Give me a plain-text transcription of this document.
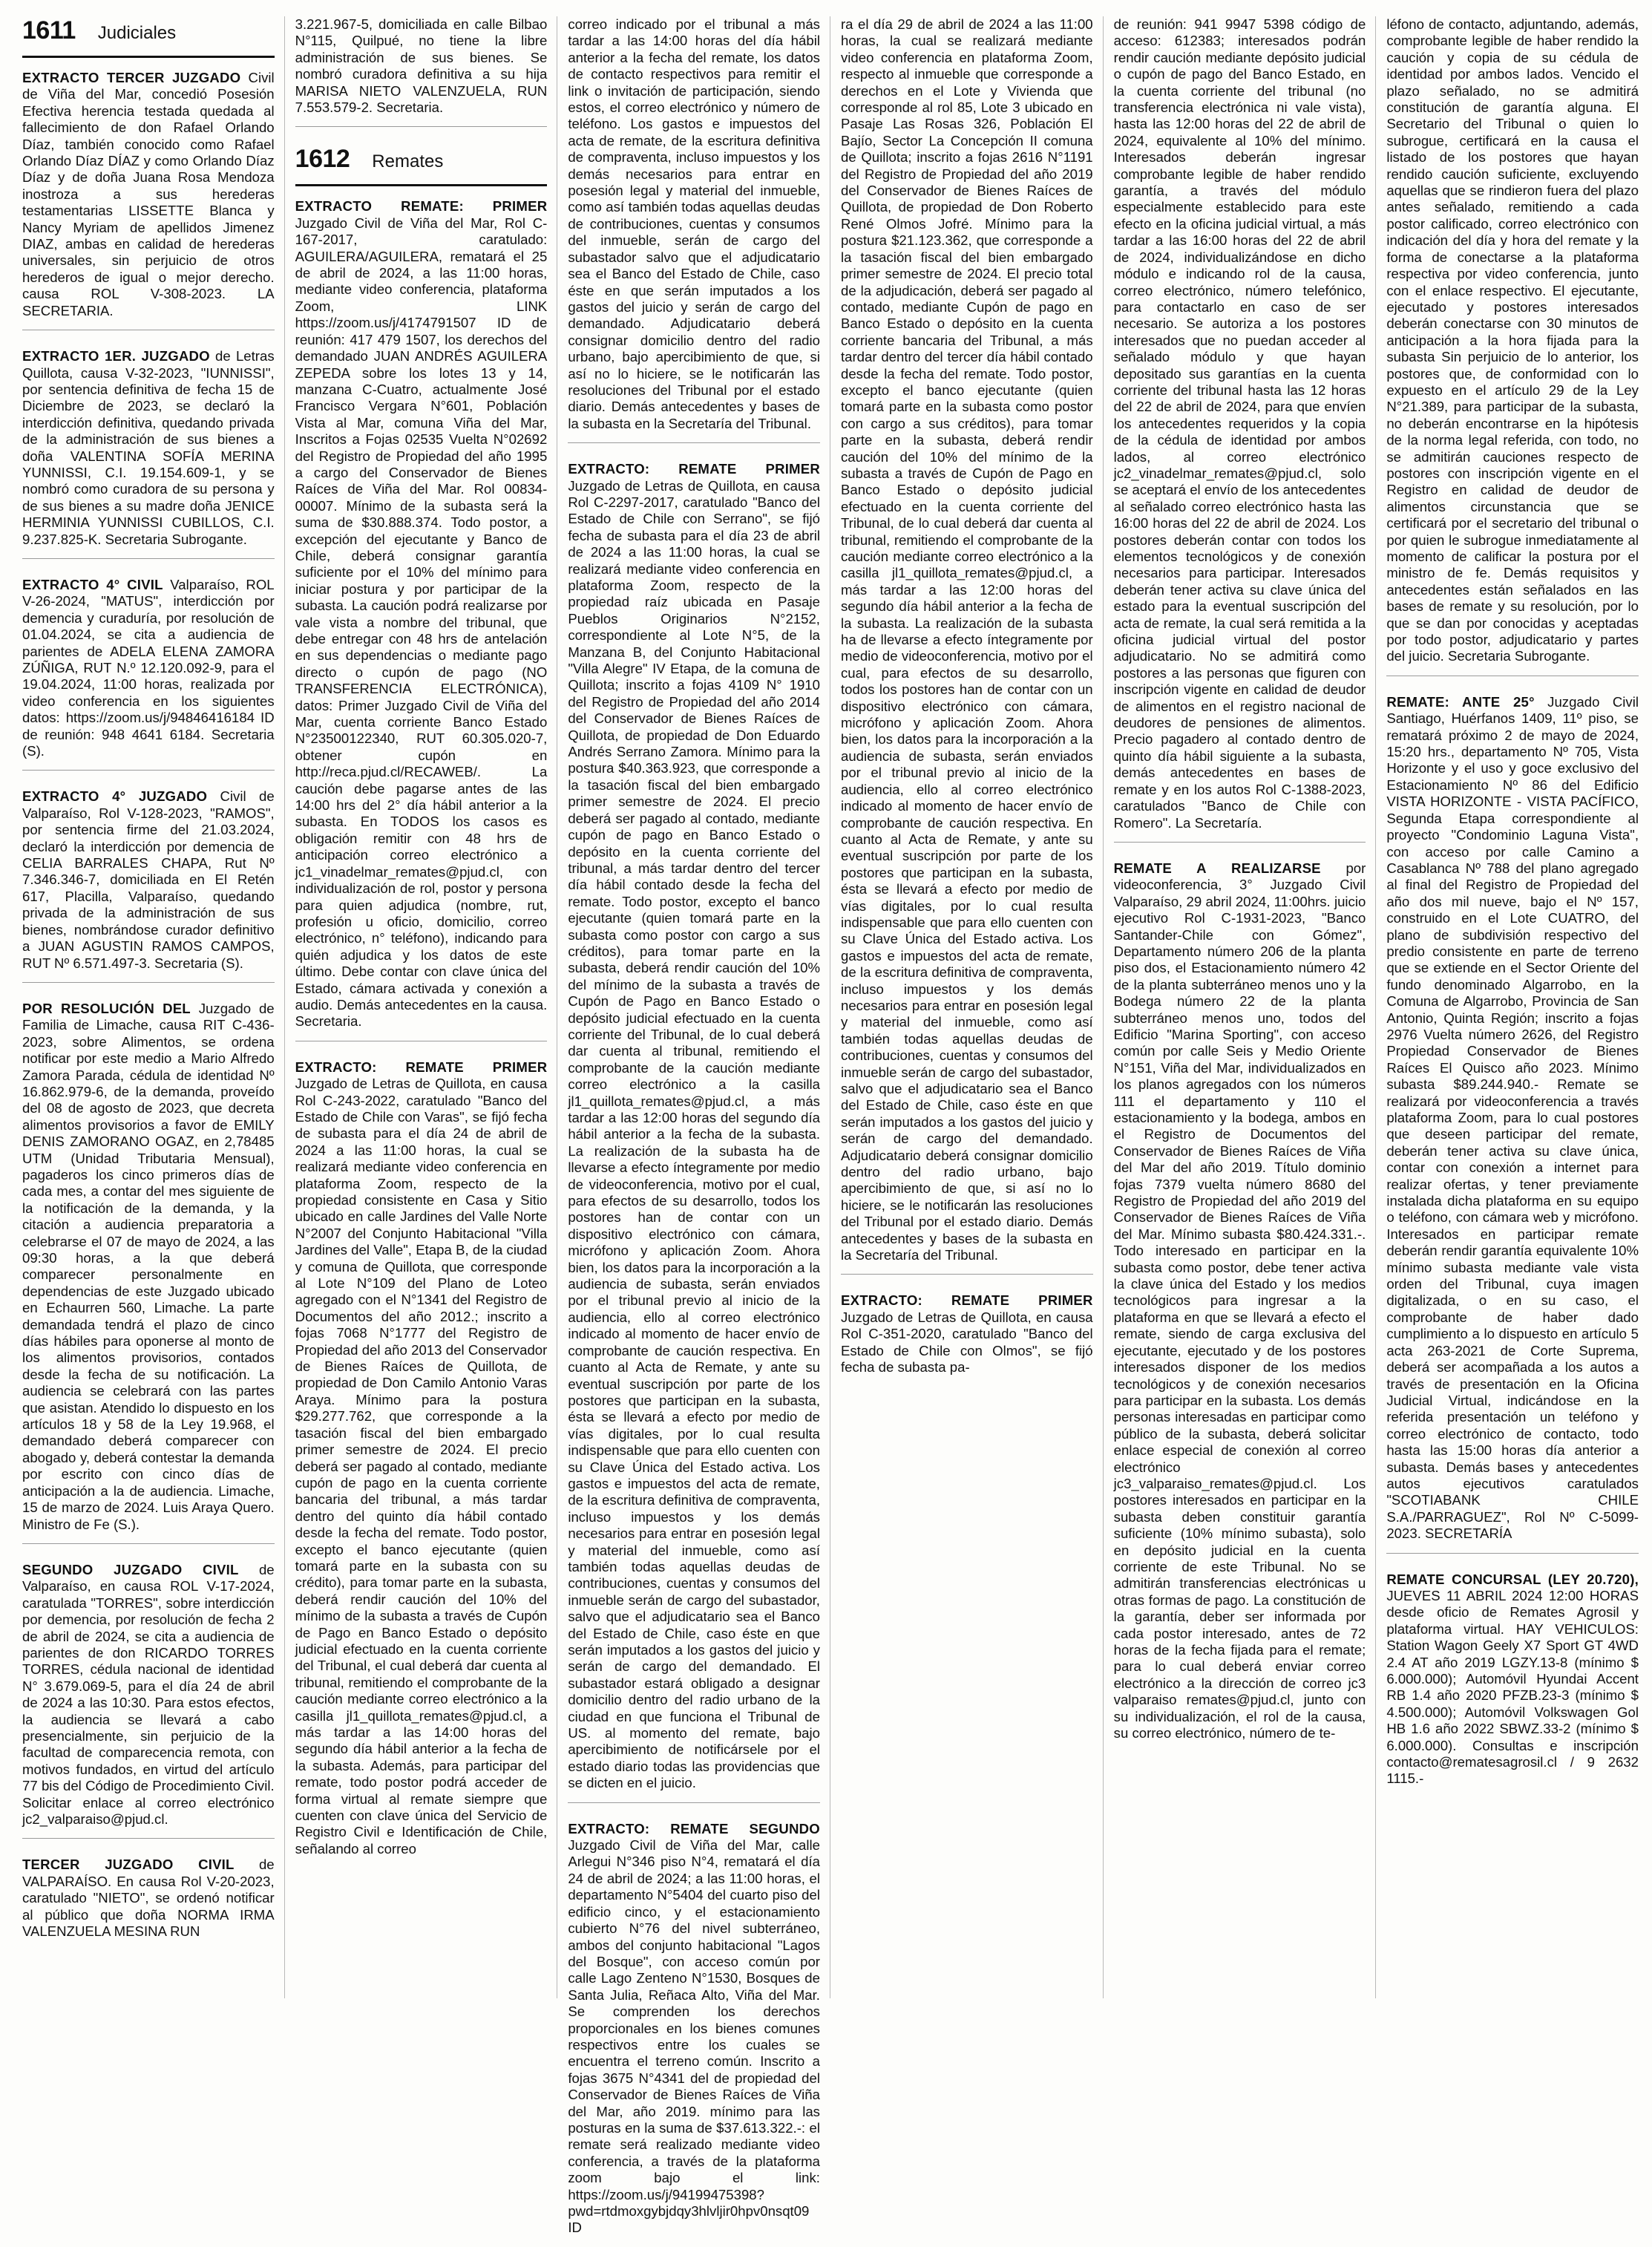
1611 Judiciales
EXTRACTO TERCER JUZGADO Civil de Viña del Mar, concedió Posesión Efectiva herencia testada quedada al fallecimiento de don Rafael Orlando Díaz, también conocido como Rafael Orlando Díaz DÍAZ y como Orlando Díaz Díaz y de doña Juana Rosa Mendoza inostroza a sus herederas testamentarias LISSETTE Blanca y Nancy Myriam de apellidos Jimenez DIAZ, ambas en calidad de herederas universales, sin perjuicio de otros herederos de igual o mejor derecho. causa ROL V-308-2023. LA SECRETARIA.
EXTRACTO 1ER. JUZGADO de Letras Quillota, causa V-32-2023, "IUNNISSI", por sentencia definitiva de fecha 15 de Diciembre de 2023, se declaró la interdicción definitiva, quedando privada de la administración de sus bienes a doña VALENTINA SOFÍA MERINA YUNNISSI, C.I. 19.154.609-1, y se nombró como curadora de su persona y de sus bienes a su madre doña JENICE HERMINIA YUNNISSI CUBILLOS, C.I. 9.237.825-K. Secretaria Subrogante.
EXTRACTO 4° CIVIL Valparaíso, ROL V-26-2024, "MATUS", interdicción por demencia y curaduría, por resolución de 01.04.2024, se cita a audiencia de parientes de ADELA ELENA ZAMORA ZÚÑIGA, RUT N.º 12.120.092-9, para el 19.04.2024, 11:00 horas, realizada por video conferencia en los siguientes datos: https://zoom.us/j/94846416184 ID de reunión: 948 4641 6184. Secretaria (S).
EXTRACTO 4° JUZGADO Civil de Valparaíso, Rol V-128-2023, "RAMOS", por sentencia firme del 21.03.2024, declaró la interdicción por demencia de CELIA BARRALES CHAPA, Rut Nº 7.346.346-7, domiciliada en El Retén 617, Placilla, Valparaíso, quedando privada de la administración de sus bienes, nombrándose curador definitivo a JUAN AGUSTIN RAMOS CAMPOS, RUT Nº 6.571.497-3. Secretaria (S).
POR RESOLUCIÓN DEL Juzgado de Familia de Limache, causa RIT C-436-2023, sobre Alimentos, se ordena notificar por este medio a Mario Alfredo Zamora Parada, cédula de identidad Nº 16.862.979-6, de la demanda, proveído del 08 de agosto de 2023, que decreta alimentos provisorios a favor de EMILY DENIS ZAMORANO OGAZ, en 2,78485 UTM (Unidad Tributaria Mensual), pagaderos los cinco primeros días de cada mes, a contar del mes siguiente de la notificación de la demanda, y la citación a audiencia preparatoria a celebrarse el 07 de mayo de 2024, a las 09:30 horas, a la que deberá comparecer personalmente en dependencias de este Juzgado ubicado en Echaurren 560, Limache. La parte demandada tendrá el plazo de cinco días hábiles para oponerse al monto de los alimentos provisorios, contados desde la fecha de su notificación. La audiencia se celebrará con las partes que asistan. Atendido lo dispuesto en los artículos 18 y 58 de la Ley 19.968, el demandado deberá comparecer con abogado y, deberá contestar la demanda por escrito con cinco días de anticipación a la de audiencia. Limache, 15 de marzo de 2024. Luis Araya Quero. Ministro de Fe (S.).
SEGUNDO JUZGADO CIVIL de Valparaíso, en causa ROL V-17-2024, caratulada "TORRES", sobre interdicción por demencia, por resolución de fecha 2 de abril de 2024, se cita a audiencia de parientes de don RICARDO TORRES TORRES, cédula nacional de identidad N° 3.679.069-5, para el día 24 de abril de 2024 a las 10:30. Para estos efectos, la audiencia se llevará a cabo presencialmente, sin perjuicio de la facultad de comparecencia remota, con motivos fundados, en virtud del artículo 77 bis del Código de Procedimiento Civil. Solicitar enlace al correo electrónico jc2_valparaiso@pjud.cl.
TERCER JUZGADO CIVIL de VALPARAÍSO. En causa Rol V-20-2023, caratulado "NIETO", se ordenó notificar al público que doña NORMA IRMA VALENZUELA MESINA RUN
3.221.967-5, domiciliada en calle Bilbao N°115, Quilpué, no tiene la libre administración de sus bienes. Se nombró curadora definitiva a su hija MARISA NIETO VALENZUELA, RUN 7.553.579-2. Secretaria.
1612 Remates
EXTRACTO REMATE: PRIMER Juzgado Civil de Viña del Mar, Rol C-167-2017, caratulado: AGUILERA/AGUILERA, rematará el 25 de abril de 2024, a las 11:00 horas, mediante video conferencia, plataforma Zoom, LINK https://zoom.us/j/4174791507 ID de reunión: 417 479 1507, los derechos del demandado JUAN ANDRÉS AGUILERA ZEPEDA sobre los lotes 13 y 14, manzana C-Cuatro, actualmente José Francisco Vergara N°601, Población Vista al Mar, comuna Viña del Mar, Inscritos a Fojas 02535 Vuelta N°02692 del Registro de Propiedad del año 1995 a cargo del Conservador de Bienes Raíces de Viña del Mar. Rol 00834-00007. Mínimo de la subasta será la suma de $30.888.374. Todo postor, a excepción del ejecutante y Banco de Chile, deberá consignar garantía suficiente por el 10% del mínimo para iniciar postura y por participar de la subasta. La caución podrá realizarse por vale vista a nombre del tribunal, que debe entregar con 48 hrs de antelación en sus dependencias o mediante pago directo o cupón de pago (NO TRANSFERENCIA ELECTRÓNICA), datos: Primer Juzgado Civil de Viña del Mar, cuenta corriente Banco Estado N°23500122340, RUT 60.305.020-7, obtener cupón en http://reca.pjud.cl/RECAWEB/. La caución debe pagarse antes de las 14:00 hrs del 2° día hábil anterior a la subasta. En TODOS los casos es obligación remitir con 48 hrs de anticipación correo electrónico a jc1_vinadelmar_remates@pjud.cl, con individualización de rol, postor y persona para quien adjudica (nombre, rut, profesión u oficio, domicilio, correo electrónico, n° teléfono), indicando para quién adjudica y los datos de este último. Debe contar con clave única del Estado, cámara activada y conexión a audio. Demás antecedentes en la causa. Secretaria.
EXTRACTO: REMATE PRIMER Juzgado de Letras de Quillota, en causa Rol C-243-2022, caratulado "Banco del Estado de Chile con Varas", se fijó fecha de subasta para el día 24 de abril de 2024 a las 11:00 horas, la cual se realizará mediante video conferencia en plataforma Zoom, respecto de la propiedad consistente en Casa y Sitio ubicado en calle Jardines del Valle Norte N°2007 del Conjunto Habitacional "Villa Jardines del Valle", Etapa B, de la ciudad y comuna de Quillota, que corresponde al Lote N°109 del Plano de Loteo agregado con el N°1341 del Registro de Documentos del año 2012.; inscrito a fojas 7068 N°1777 del Registro de Propiedad del año 2013 del Conservador de Bienes Raíces de Quillota, de propiedad de Don Camilo Antonio Varas Araya. Mínimo para la postura $29.277.762, que corresponde a la tasación fiscal del bien embargado primer semestre de 2024. El precio deberá ser pagado al contado, mediante cupón de pago en la cuenta corriente bancaria del tribunal, a más tardar dentro del quinto día hábil contado desde la fecha del remate. Todo postor, excepto el banco ejecutante (quien tomará parte en la subasta con su crédito), para tomar parte en la subasta, deberá rendir caución del 10% del mínimo de la subasta a través de Cupón de Pago en Banco Estado o depósito judicial efectuado en la cuenta corriente del Tribunal, el cual deberá dar cuenta al tribunal, remitiendo el comprobante de la caución mediante correo electrónico a la casilla jl1_quillota_remates@pjud.cl, a más tardar a las 14:00 horas del segundo día hábil anterior a la fecha de la subasta. Además, para participar del remate, todo postor podrá acceder de forma virtual al remate siempre que cuenten con clave única del Servicio de Registro Civil e Identificación de Chile, señalando al correo
correo indicado por el tribunal a más tardar a las 14:00 horas del día hábil anterior a la fecha del remate, los datos de contacto respectivos para remitir el link o invitación de participación, siendo estos, el correo electrónico y número de teléfono. Los gastos e impuestos del acta de remate, de la escritura definitiva de compraventa, incluso impuestos y los demás necesarios para entrar en posesión legal y material del inmueble, como así también todas aquellas deudas de contribuciones, cuentas y consumos del inmueble, serán de cargo del subastador salvo que el adjudicatario sea el Banco del Estado de Chile, caso éste en que serán imputados a los gastos del juicio y serán de cargo del demandado. Adjudicatario deberá consignar domicilio dentro del radio urbano, bajo apercibimiento de que, si así no lo hiciere, se le notificarán las resoluciones del Tribunal por el estado diario. Demás antecedentes y bases de la subasta en la Secretaría del Tribunal.
EXTRACTO: REMATE PRIMER Juzgado de Letras de Quillota, en causa Rol C-2297-2017, caratulado "Banco del Estado de Chile con Serrano", se fijó fecha de subasta para el día 23 de abril de 2024 a las 11:00 horas, la cual se realizará mediante video conferencia en plataforma Zoom, respecto de la propiedad raíz ubicada en Pasaje Pueblos Originarios N°2152, correspondiente al Lote N°5, de la Manzana B, del Conjunto Habitacional "Villa Alegre" IV Etapa, de la comuna de Quillota; inscrito a fojas 4109 N° 1910 del Registro de Propiedad del año 2014 del Conservador de Bienes Raíces de Quillota, de propiedad de Don Eduardo Andrés Serrano Zamora. Mínimo para la postura $40.363.923, que corresponde a la tasación fiscal del bien embargado primer semestre de 2024. El precio deberá ser pagado al contado, mediante cupón de pago en Banco Estado o depósito en la cuenta corriente del tribunal, a más tardar dentro del tercer día hábil contado desde la fecha del remate. Todo postor, excepto el banco ejecutante (quien tomará parte en la subasta como postor con cargo a sus créditos), para tomar parte en la subasta, deberá rendir caución del 10% del mínimo de la subasta a través de Cupón de Pago en Banco Estado o depósito judicial efectuado en la cuenta corriente del Tribunal, de lo cual deberá dar cuenta al tribunal, remitiendo el comprobante de la caución mediante correo electrónico a la casilla jl1_quillota_remates@pjud.cl, a más tardar a las 12:00 horas del segundo día hábil anterior a la fecha de la subasta. La realización de la subasta ha de llevarse a efecto íntegramente por medio de videoconferencia, motivo por el cual, para efectos de su desarrollo, todos los postores han de contar con un dispositivo electrónico con cámara, micrófono y aplicación Zoom. Ahora bien, los datos para la incorporación a la audiencia de subasta, serán enviados por el tribunal previo al inicio de la audiencia, ello al correo electrónico indicado al momento de hacer envío de comprobante de caución respectiva. En cuanto al Acta de Remate, y ante su eventual suscripción por parte de los postores que participan en la subasta, ésta se llevará a efecto por medio de vías digitales, por lo cual resulta indispensable que para ello cuenten con su Clave Única del Estado activa. Los gastos e impuestos del acta de remate, de la escritura definitiva de compraventa, incluso impuestos y los demás necesarios para entrar en posesión legal y material del inmueble, como así también todas aquellas deudas de contribuciones, cuentas y consumos del inmueble serán de cargo del subastador, salvo que el adjudicatario sea el Banco del Estado de Chile, caso éste en que serán imputados a los gastos del juicio y serán de cargo del demandado. El subastador estará obligado a designar domicilio dentro del radio urbano de la ciudad en que funciona el Tribunal de US. al momento del remate, bajo apercibimiento de notificársele por el estado diario todas las providencias que se dicten en el juicio.
EXTRACTO: REMATE SEGUNDO Juzgado Civil de Viña del Mar, calle Arlegui N°346 piso N°4, rematará el día 24 de abril de 2024; a las 11:00 horas, el departamento N°5404 del cuarto piso del edificio cinco, y el estacionamiento cubierto N°76 del nivel subterráneo, ambos del conjunto habitacional "Lagos del Bosque", con acceso común por calle Lago Zenteno N°1530, Bosques de Santa Julia, Reñaca Alto, Viña del Mar. Se comprenden los derechos proporcionales en los bienes comunes respectivos entre los cuales se encuentra el terreno común. Inscrito a fojas 3675 N°4341 del de propiedad del Conservador de Bienes Raíces de Viña del Mar, año 2019. mínimo para las posturas en la suma de $37.613.322.-: el remate será realizado mediante video conferencia, a través de la plataforma zoom bajo el link: https://zoom.us/j/94199475398?pwd=rtdmoxgybjdqy3hlvljir0hpv0nsqt09 ID
ra el día 29 de abril de 2024 a las 11:00 horas, la cual se realizará mediante video conferencia en plataforma Zoom, respecto al inmueble que corresponde a derechos en el Lote y Vivienda que corresponde al rol 85, Lote 3 ubicado en Pasaje Las Rosas 326, Población El Bajío, Sector La Concepción II comuna de Quillota; inscrito a fojas 2616 N°1191 del Registro de Propiedad del año 2019 del Conservador de Bienes Raíces de Quillota, de propiedad de Don Roberto René Olmos Jofré. Mínimo para la postura $21.123.362, que corresponde a la tasación fiscal del bien embargado primer semestre de 2024. El precio total de la adjudicación, deberá ser pagado al contado, mediante Cupón de pago en Banco Estado o depósito en la cuenta corriente bancaria del Tribunal, a más tardar dentro del tercer día hábil contado desde la fecha del remate. Todo postor, excepto el banco ejecutante (quien tomará parte en la subasta como postor con cargo a sus créditos), para tomar parte en la subasta, deberá rendir caución del 10% del mínimo de la subasta a través de Cupón de Pago en Banco Estado o depósito judicial efectuado en la cuenta corriente del Tribunal, de lo cual deberá dar cuenta al tribunal, remitiendo el comprobante de la caución mediante correo electrónico a la casilla jl1_quillota_remates@pjud.cl, a más tardar a las 12:00 horas del segundo día hábil anterior a la fecha de la subasta. La realización de la subasta ha de llevarse a efecto íntegramente por medio de videoconferencia, motivo por el cual, para efectos de su desarrollo, todos los postores han de contar con un dispositivo electrónico con cámara, micrófono y aplicación Zoom. Ahora bien, los datos para la incorporación a la audiencia de subasta, serán enviados por el tribunal previo al inicio de la audiencia, ello al correo electrónico indicado al momento de hacer envío de comprobante de caución respectiva. En cuanto al Acta de Remate, y ante su eventual suscripción por parte de los postores que participan en la subasta, ésta se llevará a efecto por medio de vías digitales, por lo cual resulta indispensable que para ello cuenten con su Clave Única del Estado activa. Los gastos e impuestos del acta de remate, de la escritura definitiva de compraventa, incluso impuestos y los demás necesarios para entrar en posesión legal y material del inmueble, como así también todas aquellas deudas de contribuciones, cuentas y consumos del inmueble serán de cargo del subastador, salvo que el adjudicatario sea el Banco del Estado de Chile, caso éste en que serán imputados a los gastos del juicio y serán de cargo del demandado. Adjudicatario deberá consignar domicilio dentro del radio urbano, bajo apercibimiento de que, si así no lo hiciere, se le notificarán las resoluciones del Tribunal por el estado diario. Demás antecedentes y bases de la subasta en la Secretaría del Tribunal.
EXTRACTO: REMATE PRIMER Juzgado de Letras de Quillota, en causa Rol C-351-2020, caratulado "Banco del Estado de Chile con Olmos", se fijó fecha de subasta pa-
de reunión: 941 9947 5398 código de acceso: 612383; interesados podrán rendir caución mediante depósito judicial o cupón de pago del Banco Estado, en la cuenta corriente del tribunal (no transferencia electrónica ni vale vista), hasta las 12:00 horas del 22 de abril de 2024, equivalente al 10% del mínimo. Interesados deberán ingresar comprobante legible de haber rendido garantía, a través del módulo especialmente establecido para este efecto en la oficina judicial virtual, a más tardar a las 16:00 horas del 22 de abril de 2024, individualizándose en dicho módulo e indicando rol de la causa, correo electrónico, número telefónico, para contactarlo en caso de ser necesario. Se autoriza a los postores interesados que no puedan acceder al señalado módulo y que hayan depositado sus garantías en la cuenta corriente del tribunal hasta las 12 horas del 22 de abril de 2024, para que envíen los antecedentes requeridos y la copia de la cédula de identidad por ambos lados, al correo electrónico jc2_vinadelmar_remates@pjud.cl, solo se aceptará el envío de los antecedentes al señalado correo electrónico hasta las 16:00 horas del 22 de abril de 2024. Los postores deberán contar con todos los elementos tecnológicos y de conexión necesarios para participar. Interesados deberán tener activa su clave única del estado para la eventual suscripción del acta de remate, la cual será remitida a la oficina judicial virtual del postor adjudicatario. No se admitirá como postores a las personas que figuren con inscripción vigente en calidad de deudor de alimentos en el registro nacional de deudores de pensiones de alimentos. Precio pagadero al contado dentro de quinto día hábil siguiente a la subasta, demás antecedentes en bases de remate y en los autos Rol C-1388-2023, caratulados "Banco de Chile con Romero". La Secretaría.
REMATE A REALIZARSE por videoconferencia, 3° Juzgado Civil Valparaíso, 29 abril 2024, 11:00hrs. juicio ejecutivo Rol C-1931-2023, "Banco Santander-Chile con Gómez", Departamento número 206 de la planta piso dos, el Estacionamiento número 42 de la planta subterráneo menos uno y la Bodega número 22 de la planta subterráneo menos uno, todos del Edificio "Marina Sporting", con acceso común por calle Seis y Medio Oriente N°151, Viña del Mar, individualizados en los planos agregados con los números 111 el departamento y 110 el estacionamiento y la bodega, ambos en el Registro de Documentos del Conservador de Bienes Raíces de Viña del Mar del año 2019. Título dominio fojas 7379 vuelta número 8680 del Registro de Propiedad del año 2019 del Conservador de Bienes Raíces de Viña del Mar. Mínimo subasta $80.424.331.-. Todo interesado en participar en la subasta como postor, debe tener activa la clave única del Estado y los medios tecnológicos para ingresar a la plataforma en que se llevará a efecto el remate, siendo de carga exclusiva del ejecutante, ejecutado y de los postores interesados disponer de los medios tecnológicos y de conexión necesarios para participar en la subasta. Los demás personas interesadas en participar como público de la subasta, deberá solicitar enlace especial de conexión al correo electrónico jc3_valparaiso_remates@pjud.cl. Los postores interesados en participar en la subasta deben constituir garantía suficiente (10% mínimo subasta), solo en depósito judicial en la cuenta corriente de este Tribunal. No se admitirán transferencias electrónicas u otras formas de pago. La constitución de la garantía, deber ser informada por cada postor interesado, antes de 72 horas de la fecha fijada para el remate; para lo cual deberá enviar correo electrónico a la dirección de correo jc3 valparaiso remates@pjud.cl, junto con su individualización, el rol de la causa, su correo electrónico, número de te-
léfono de contacto, adjuntando, además, comprobante legible de haber rendido la caución y copia de su cédula de identidad por ambos lados. Vencido el plazo señalado, no se admitirá constitución de garantía alguna. El Secretario del Tribunal o quien lo subrogue, certificará en la causa el listado de los postores que hayan rendido caución suficiente, excluyendo aquellas que se rindieron fuera del plazo antes señalado, remitiendo a cada postor calificado, correo electrónico con indicación del día y hora del remate y la forma de conectarse a la plataforma respectiva por video conferencia, junto con el enlace respectivo. El ejecutante, ejecutado y postores interesados deberán conectarse con 30 minutos de anticipación a la hora fijada para la subasta Sin perjuicio de lo anterior, los postores que, de conformidad con lo expuesto en el artículo 29 de la Ley N°21.389, para participar de la subasta, no deberán encontrarse en la hipótesis de la norma legal referida, con todo, no se admitirán cauciones respecto de postores con inscripción vigente en el Registro en calidad de deudor de alimentos circunstancia que se certificará por el secretario del tribunal o por quien le subrogue inmediatamente al momento de calificar la postura por el ministro de fe. Demás requisitos y antecedentes están señalados en las bases de remate y su resolución, por lo que se dan por conocidas y aceptadas por todo postor, adjudicatario y partes del juicio. Secretaria Subrogante.
REMATE: ANTE 25° Juzgado Civil Santiago, Huérfanos 1409, 11º piso, se rematará próximo 2 de mayo de 2024, 15:20 hrs., departamento Nº 705, Vista Horizonte y el uso y goce exclusivo del Estacionamiento Nº 86 del Edificio VISTA HORIZONTE - VISTA PACÍFICO, Segunda Etapa correspondiente al proyecto "Condominio Laguna Vista", con acceso por calle Camino a Casablanca Nº 788 del plano agregado al final del Registro de Propiedad del año dos mil nueve, bajo el Nº 157, construido en el Lote CUATRO, del plano de subdivisión respectivo del predio consistente en parte de terreno que se extiende en el Sector Oriente del fundo denominado Algarrobo, en la Comuna de Algarrobo, Provincia de San Antonio, Quinta Región; inscrito a fojas 2976 Vuelta número 2626, del Registro Propiedad Conservador de Bienes Raíces El Quisco año 2023. Mínimo subasta $89.244.940.- Remate se realizará por videoconferencia a través plataforma Zoom, para lo cual postores que deseen participar del remate, deberán tener activa su clave única, contar con conexión a internet para realizar ofertas, y tener previamente instalada dicha plataforma en su equipo o teléfono, con cámara web y micrófono. Interesados en participar remate deberán rendir garantía equivalente 10% mínimo subasta mediante vale vista orden del Tribunal, cuya imagen digitalizada, o en su caso, el comprobante de haber dado cumplimiento a lo dispuesto en artículo 5 acta 263-2021 de Corte Suprema, deberá ser acompañada a los autos a través de presentación en la Oficina Judicial Virtual, indicándose en la referida presentación un teléfono y correo electrónico de contacto, todo hasta las 15:00 horas día anterior a subasta. Demás bases y antecedentes autos ejecutivos caratulados "SCOTIABANK CHILE S.A./PARRAGUEZ", Rol Nº C-5099-2023. SECRETARÍA
REMATE CONCURSAL (LEY 20.720), JUEVES 11 ABRIL 2024 12:00 HORAS desde oficio de Remates Agrosil y plataforma virtual. HAY VEHICULOS: Station Wagon Geely X7 Sport GT 4WD 2.4 AT año 2019 LGZY.13-8 (mínimo $ 6.000.000); Automóvil Hyundai Accent RB 1.4 año 2020 PFZB.23-3 (mínimo $ 4.500.000); Automóvil Volkswagen Gol HB 1.6 año 2022 SBWZ.33-2 (mínimo $ 6.000.000). Consultas e inscripción contacto@rematesagrosil.cl / 9 2632 1115.-
